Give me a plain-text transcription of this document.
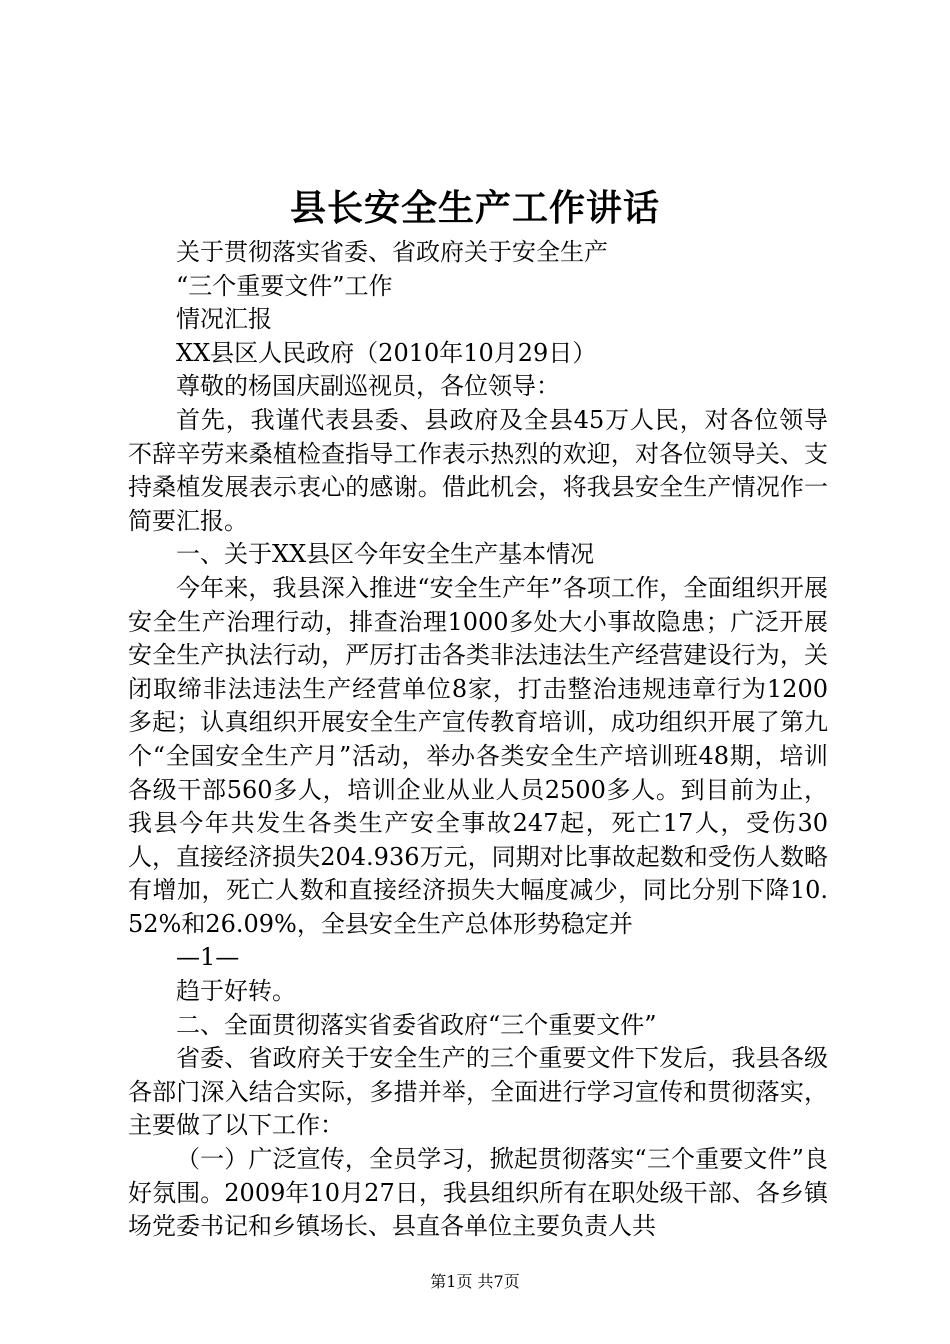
县长安全生产工作讲话

关于贯彻落实省委、省政府关于安全生产

“三个重要文件”工作

情况汇报

XX县区人民政府（2010年10月29日）

尊敬的杨国庆副巡视员，各位领导：

首先，我谨代表县委、县政府及全县45万人民，对各位领导不辞辛劳来桑植检查指导工作表示热烈的欢迎，对各位领导关、支持桑植发展表示衷心的感谢。借此机会，将我县安全生产情况作一简要汇报。

一、关于XX县区今年安全生产基本情况

今年来，我县深入推进“安全生产年”各项工作，全面组织开展安全生产治理行动，排查治理1000多处大小事故隐患；广泛开展安全生产执法行动，严厉打击各类非法违法生产经营建设行为，关闭取缔非法违法生产经营单位8家，打击整治违规违章行为1200多起；认真组织开展安全生产宣传教育培训，成功组织开展了第九个“全国安全生产月”活动，举办各类安全生产培训班48期，培训各级干部560多人，培训企业从业人员2500多人。到目前为止，我县今年共发生各类生产安全事故247起，死亡17人，受伤30人，直接经济损失204.936万元，同期对比事故起数和受伤人数略有增加，死亡人数和直接经济损失大幅度减少，同比分别下降10.52%和26.09%，全县安全生产总体形势稳定并

—1—

趋于好转。

二、全面贯彻落实省委省政府“三个重要文件”

省委、省政府关于安全生产的三个重要文件下发后，我县各级各部门深入结合实际，多措并举，全面进行学习宣传和贯彻落实，主要做了以下工作：

（一）广泛宣传，全员学习，掀起贯彻落实“三个重要文件”良好氛围。2009年10月27日，我县组织所有在职处级干部、各乡镇场党委书记和乡镇场长、县直各单位主要负责人共

第1页 共7页
